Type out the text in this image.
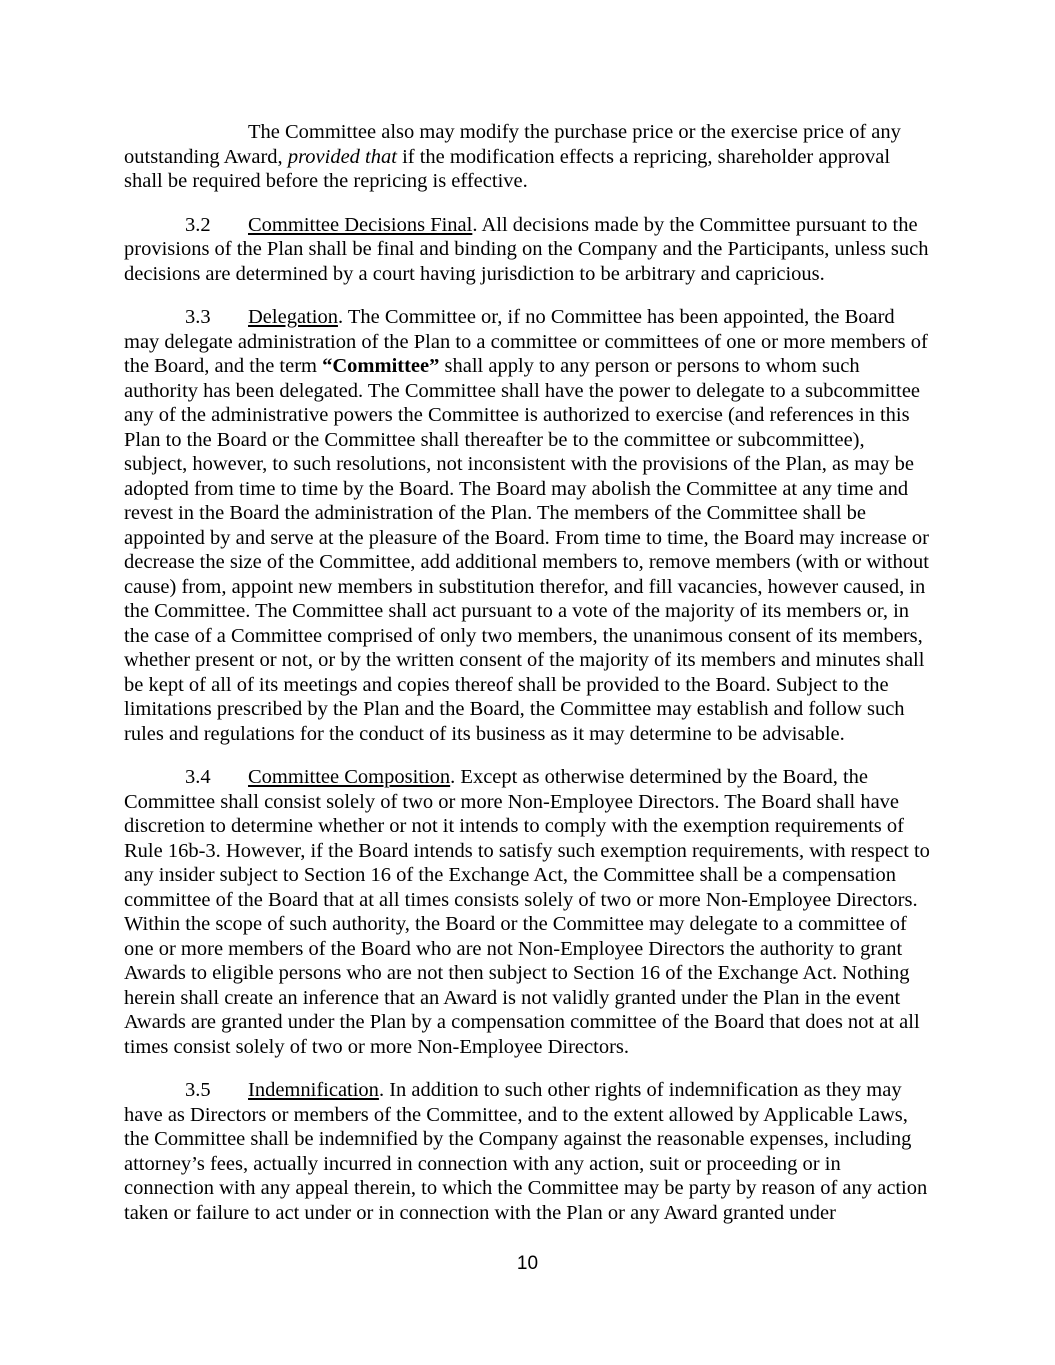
The Committee also may modify the purchase price or the exercise price of any outstanding Award, provided that if the modification effects a repricing, shareholder approval shall be required before the repricing is effective.

3.2 Committee Decisions Final. All decisions made by the Committee pursuant to the provisions of the Plan shall be final and binding on the Company and the Participants, unless such decisions are determined by a court having jurisdiction to be arbitrary and capricious.

3.3 Delegation. The Committee or, if no Committee has been appointed, the Board may delegate administration of the Plan to a committee or committees of one or more members of the Board, and the term “Committee” shall apply to any person or persons to whom such authority has been delegated. The Committee shall have the power to delegate to a subcommittee any of the administrative powers the Committee is authorized to exercise (and references in this Plan to the Board or the Committee shall thereafter be to the committee or subcommittee), subject, however, to such resolutions, not inconsistent with the provisions of the Plan, as may be adopted from time to time by the Board. The Board may abolish the Committee at any time and revest in the Board the administration of the Plan. The members of the Committee shall be appointed by and serve at the pleasure of the Board. From time to time, the Board may increase or decrease the size of the Committee, add additional members to, remove members (with or without cause) from, appoint new members in substitution therefor, and fill vacancies, however caused, in the Committee. The Committee shall act pursuant to a vote of the majority of its members or, in the case of a Committee comprised of only two members, the unanimous consent of its members, whether present or not, or by the written consent of the majority of its members and minutes shall be kept of all of its meetings and copies thereof shall be provided to the Board. Subject to the limitations prescribed by the Plan and the Board, the Committee may establish and follow such rules and regulations for the conduct of its business as it may determine to be advisable.

3.4 Committee Composition. Except as otherwise determined by the Board, the Committee shall consist solely of two or more Non-Employee Directors. The Board shall have discretion to determine whether or not it intends to comply with the exemption requirements of Rule 16b-3. However, if the Board intends to satisfy such exemption requirements, with respect to any insider subject to Section 16 of the Exchange Act, the Committee shall be a compensation committee of the Board that at all times consists solely of two or more Non-Employee Directors. Within the scope of such authority, the Board or the Committee may delegate to a committee of one or more members of the Board who are not Non-Employee Directors the authority to grant Awards to eligible persons who are not then subject to Section 16 of the Exchange Act. Nothing herein shall create an inference that an Award is not validly granted under the Plan in the event Awards are granted under the Plan by a compensation committee of the Board that does not at all times consist solely of two or more Non-Employee Directors.

3.5 Indemnification. In addition to such other rights of indemnification as they may have as Directors or members of the Committee, and to the extent allowed by Applicable Laws, the Committee shall be indemnified by the Company against the reasonable expenses, including attorney’s fees, actually incurred in connection with any action, suit or proceeding or in connection with any appeal therein, to which the Committee may be party by reason of any action taken or failure to act under or in connection with the Plan or any Award granted under

10
